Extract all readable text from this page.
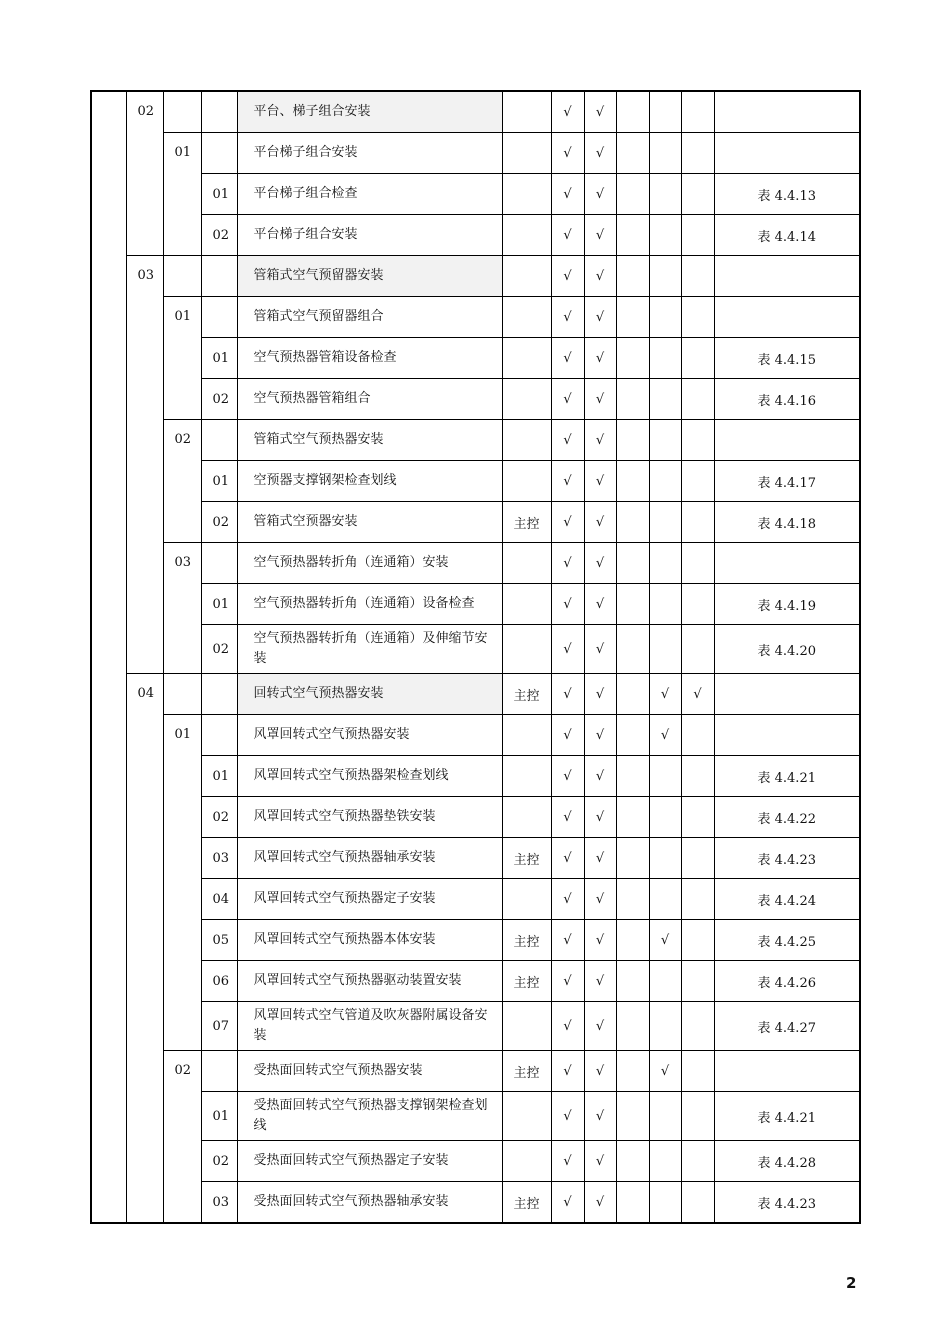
	02			平台、梯子组合安装		√	√				

		01		平台梯子组合安装		√	√				
			01	平台梯子组合检查		√	√				表 4.4.13
			02	平台梯子组合安装		√	√				表 4.4.14

	03			管箱式空气预留器安装		√	√				

		01		管箱式空气预留器组合		√	√				
			01	空气预热器管箱设备检查		√	√				表 4.4.15
			02	空气预热器管箱组合		√	√				表 4.4.16

		02		管箱式空气预热器安装		√	√				
			01	空预器支撑钢架检查划线		√	√				表 4.4.17
			02	管箱式空预器安装	主控	√	√				表 4.4.18

		03		空气预热器转折角（连通箱）安装		√	√				
			01	空气预热器转折角（连通箱）设备检查		√	√				表 4.4.19
			02	空气预热器转折角（连通箱）及伸缩节安装		√	√				表 4.4.20

	04			回转式空气预热器安装	主控	√	√		√	√	

		01		风罩回转式空气预热器安装		√	√		√		
			01	风罩回转式空气预热器架检查划线		√	√				表 4.4.21
			02	风罩回转式空气预热器垫铁安装		√	√				表 4.4.22
			03	风罩回转式空气预热器轴承安装	主控	√	√				表 4.4.23
			04	风罩回转式空气预热器定子安装		√	√				表 4.4.24
			05	风罩回转式空气预热器本体安装	主控	√	√		√		表 4.4.25
			06	风罩回转式空气预热器驱动装置安装	主控	√	√				表 4.4.26
			07	风罩回转式空气管道及吹灰器附属设备安装		√	√				表 4.4.27

		02		受热面回转式空气预热器安装	主控	√	√		√		
			01	受热面回转式空气预热器支撑钢架检查划线		√	√				表 4.4.21
			02	受热面回转式空气预热器定子安装		√	√				表 4.4.28
			03	受热面回转式空气预热器轴承安装	主控	√	√				表 4.4.23
2
